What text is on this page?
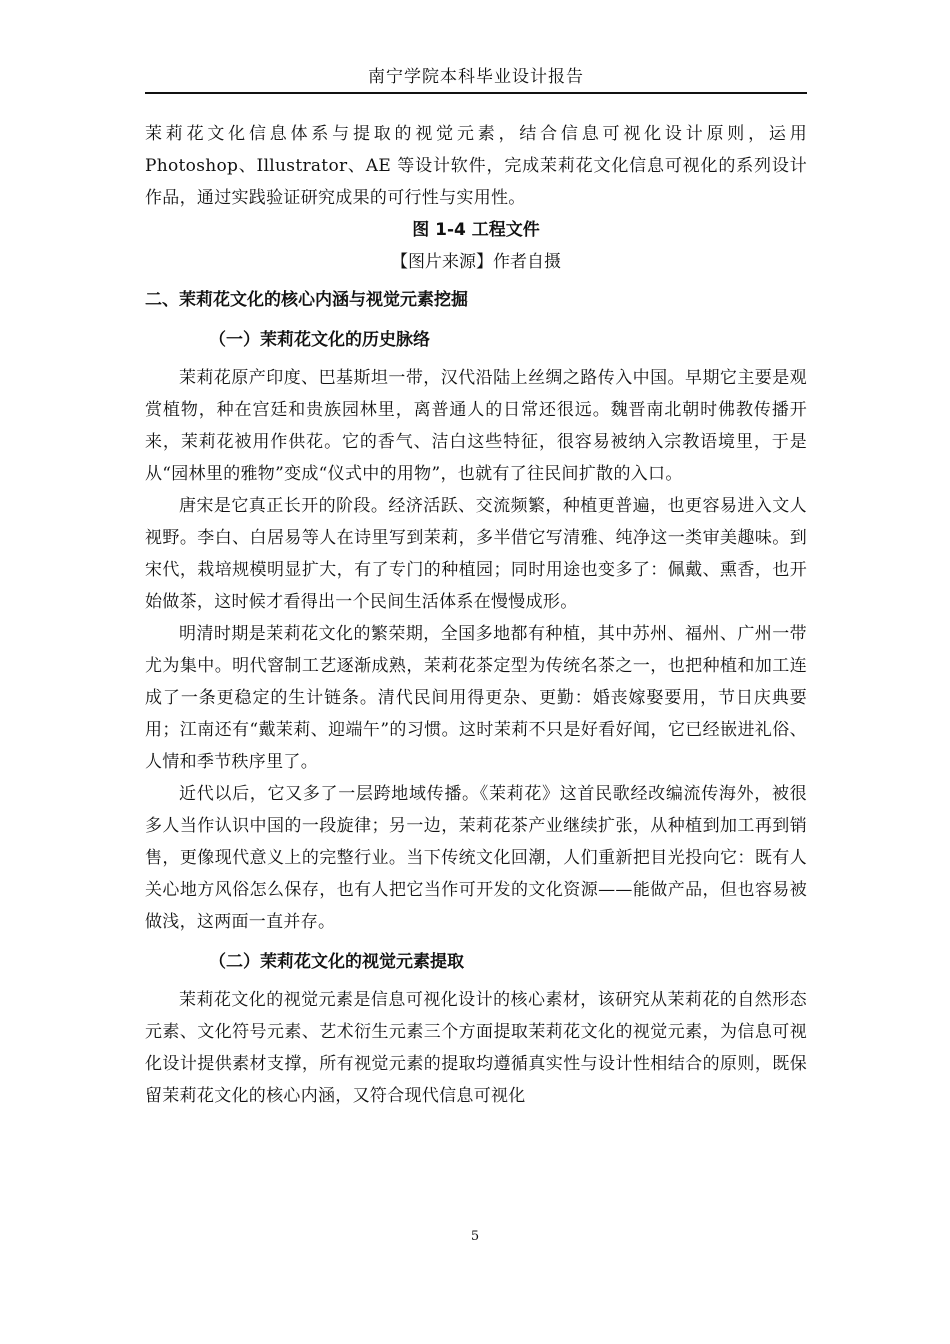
南宁学院本科毕业设计报告

茉莉花文化信息体系与提取的视觉元素，结合信息可视化设计原则，运用Photoshop、Illustrator、AE 等设计软件，完成茉莉花文化信息可视化的系列设计作品，通过实践验证研究成果的可行性与实用性。

图 1-4 工程文件

【图片来源】作者自摄

二、茉莉花文化的核心内涵与视觉元素挖掘

（一）茉莉花文化的历史脉络

茉莉花原产印度、巴基斯坦一带，汉代沿陆上丝绸之路传入中国。早期它主要是观赏植物，种在宫廷和贵族园林里，离普通人的日常还很远。魏晋南北朝时佛教传播开来，茉莉花被用作供花。它的香气、洁白这些特征，很容易被纳入宗教语境里，于是从“园林里的雅物”变成“仪式中的用物”，也就有了往民间扩散的入口。

唐宋是它真正长开的阶段。经济活跃、交流频繁，种植更普遍，也更容易进入文人视野。李白、白居易等人在诗里写到茉莉，多半借它写清雅、纯净这一类审美趣味。到宋代，栽培规模明显扩大，有了专门的种植园；同时用途也变多了：佩戴、熏香，也开始做茶，这时候才看得出一个民间生活体系在慢慢成形。

明清时期是茉莉花文化的繁荣期，全国多地都有种植，其中苏州、福州、广州一带尤为集中。明代窨制工艺逐渐成熟，茉莉花茶定型为传统名茶之一，也把种植和加工连成了一条更稳定的生计链条。清代民间用得更杂、更勤：婚丧嫁娶要用，节日庆典要用；江南还有“戴茉莉、迎端午”的习惯。这时茉莉不只是好看好闻，它已经嵌进礼俗、人情和季节秩序里了。

近代以后，它又多了一层跨地域传播。《茉莉花》这首民歌经改编流传海外，被很多人当作认识中国的一段旋律；另一边，茉莉花茶产业继续扩张，从种植到加工再到销售，更像现代意义上的完整行业。当下传统文化回潮，人们重新把目光投向它：既有人关心地方风俗怎么保存，也有人把它当作可开发的文化资源——能做产品，但也容易被做浅，这两面一直并存。

（二）茉莉花文化的视觉元素提取

茉莉花文化的视觉元素是信息可视化设计的核心素材，该研究从茉莉花的自然形态元素、文化符号元素、艺术衍生元素三个方面提取茉莉花文化的视觉元素，为信息可视化设计提供素材支撑，所有视觉元素的提取均遵循真实性与设计性相结合的原则，既保留茉莉花文化的核心内涵，又符合现代信息可视化

5
